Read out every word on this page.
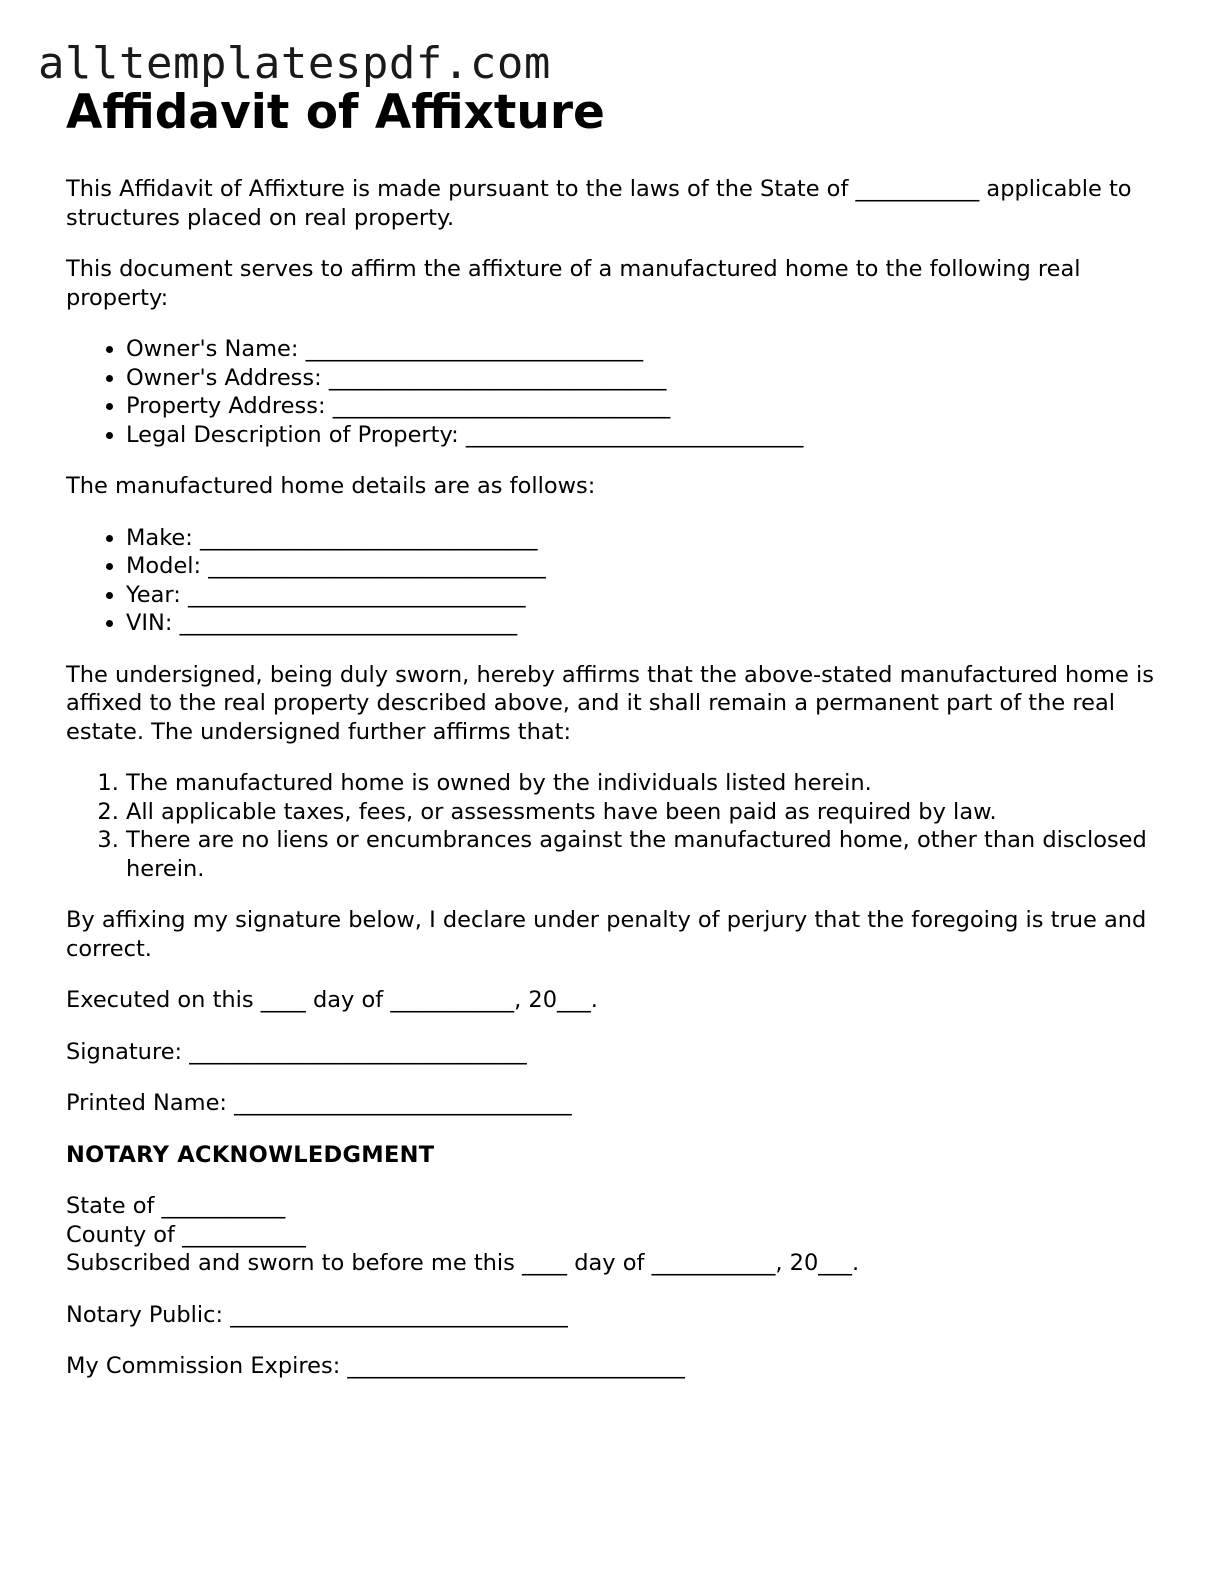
alltemplatespdf.com
Affidavit of Affixture

This Affidavit of Affixture is made pursuant to the laws of the State of ___________ applicable to structures placed on real property.

This document serves to affirm the affixture of a manufactured home to the following real property:

• Owner's Name: ______________________________
• Owner's Address: ______________________________
• Property Address: ______________________________
• Legal Description of Property: ______________________________

The manufactured home details are as follows:

• Make: ______________________________
• Model: ______________________________
• Year: ______________________________
• VIN: ______________________________

The undersigned, being duly sworn, hereby affirms that the above-stated manufactured home is affixed to the real property described above, and it shall remain a permanent part of the real estate. The undersigned further affirms that:

1. The manufactured home is owned by the individuals listed herein.
2. All applicable taxes, fees, or assessments have been paid as required by law.
3. There are no liens or encumbrances against the manufactured home, other than disclosed herein.

By affixing my signature below, I declare under penalty of perjury that the foregoing is true and correct.

Executed on this ____ day of ___________, 20___.

Signature: ______________________________

Printed Name: ______________________________

NOTARY ACKNOWLEDGMENT

State of ___________

County of ___________

Subscribed and sworn to before me this ____ day of ___________, 20___.

Notary Public: ______________________________

My Commission Expires: ______________________________
